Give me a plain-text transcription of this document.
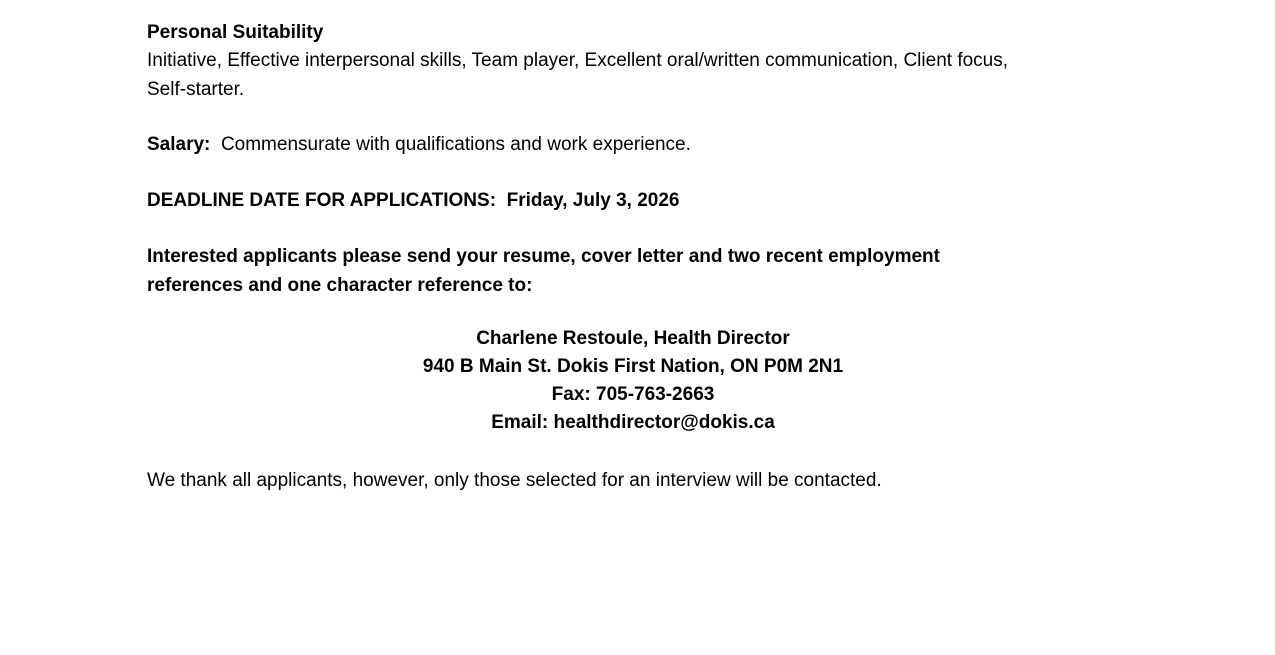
Personal Suitability
Initiative, Effective interpersonal skills, Team player, Excellent oral/written communication, Client focus,
Self-starter.
Salary: Commensurate with qualifications and work experience.
DEADLINE DATE FOR APPLICATIONS: Friday, July 3, 2026
Interested applicants please send your resume, cover letter and two recent employment
references and one character reference to:
Charlene Restoule, Health Director
940 B Main St. Dokis First Nation, ON P0M 2N1
Fax: 705-763-2663
Email: healthdirector@dokis.ca
We thank all applicants, however, only those selected for an interview will be contacted.
